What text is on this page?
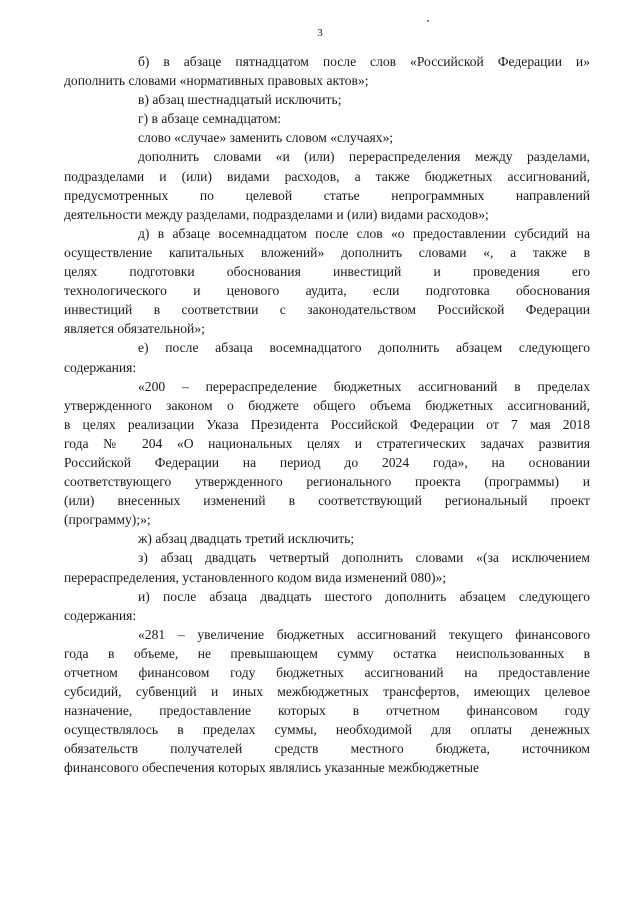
3
б) в абзаце пятнадцатом после слов «Российской Федерации и»
дополнить словами «нормативных правовых актов»;
в) абзац шестнадцатый исключить;
г) в абзаце семнадцатом:
слово «случае» заменить словом «случаях»;
дополнить словами «и (или) перераспределения между разделами,
подразделами и (или) видами расходов, а также бюджетных ассигнований,
предусмотренных по целевой статье непрограммных направлений
деятельности между разделами, подразделами и (или) видами расходов»;
д) в абзаце восемнадцатом после слов «о предоставлении субсидий на
осуществление капитальных вложений» дополнить словами «, а также в
целях подготовки обоснования инвестиций и проведения его
технологического и ценового аудита, если подготовка обоснования
инвестиций в соответствии с законодательством Российской Федерации
является обязательной»;
е) после абзаца восемнадцатого дополнить абзацем следующего
содержания:
«200 – перераспределение бюджетных ассигнований в пределах
утвержденного законом о бюджете общего объема бюджетных ассигнований,
в целях реализации Указа Президента Российской Федерации от 7 мая 2018
года № 204 «О национальных целях и стратегических задачах развития
Российской Федерации на период до 2024 года», на основании
соответствующего утвержденного регионального проекта (программы) и
(или) внесенных изменений в соответствующий региональный проект
(программу);»;
ж) абзац двадцать третий исключить;
з) абзац двадцать четвертый дополнить словами «(за исключением
перераспределения, установленного кодом вида изменений 080)»;
и) после абзаца двадцать шестого дополнить абзацем следующего
содержания:
«281 – увеличение бюджетных ассигнований текущего финансового
года в объеме, не превышающем сумму остатка неиспользованных в
отчетном финансовом году бюджетных ассигнований на предоставление
субсидий, субвенций и иных межбюджетных трансфертов, имеющих целевое
назначение, предоставление которых в отчетном финансовом году
осуществлялось в пределах суммы, необходимой для оплаты денежных
обязательств получателей средств местного бюджета, источником
финансового обеспечения которых являлись указанные межбюджетные
